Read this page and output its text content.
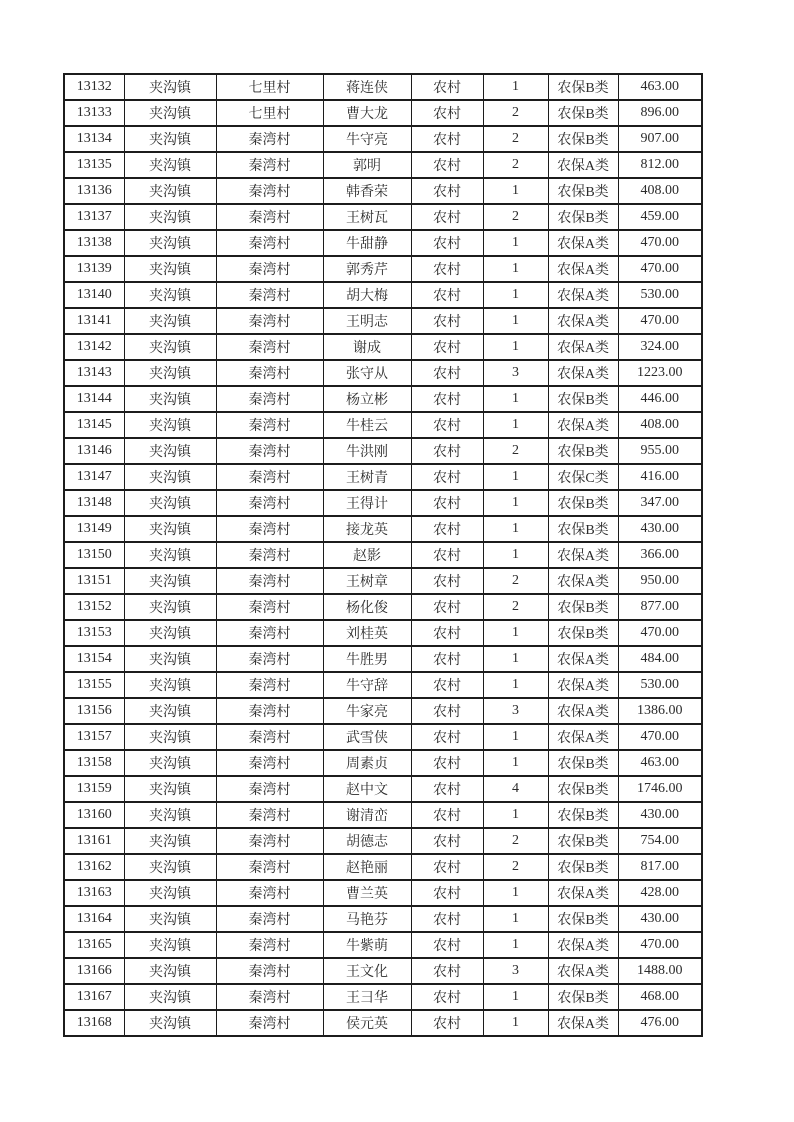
13132	夹沟镇	七里村	蒋连侠	农村	1	农保B类	463.00
13133	夹沟镇	七里村	曹大龙	农村	2	农保B类	896.00
13134	夹沟镇	秦湾村	牛守亮	农村	2	农保B类	907.00
13135	夹沟镇	秦湾村	郭明	农村	2	农保A类	812.00
13136	夹沟镇	秦湾村	韩香荣	农村	1	农保B类	408.00
13137	夹沟镇	秦湾村	王树瓦	农村	2	农保B类	459.00
13138	夹沟镇	秦湾村	牛甜静	农村	1	农保A类	470.00
13139	夹沟镇	秦湾村	郭秀芹	农村	1	农保A类	470.00
13140	夹沟镇	秦湾村	胡大梅	农村	1	农保A类	530.00
13141	夹沟镇	秦湾村	王明志	农村	1	农保A类	470.00
13142	夹沟镇	秦湾村	谢成	农村	1	农保A类	324.00
13143	夹沟镇	秦湾村	张守从	农村	3	农保A类	1223.00
13144	夹沟镇	秦湾村	杨立彬	农村	1	农保B类	446.00
13145	夹沟镇	秦湾村	牛桂云	农村	1	农保A类	408.00
13146	夹沟镇	秦湾村	牛洪刚	农村	2	农保B类	955.00
13147	夹沟镇	秦湾村	王树青	农村	1	农保C类	416.00
13148	夹沟镇	秦湾村	王得计	农村	1	农保B类	347.00
13149	夹沟镇	秦湾村	接龙英	农村	1	农保B类	430.00
13150	夹沟镇	秦湾村	赵影	农村	1	农保A类	366.00
13151	夹沟镇	秦湾村	王树章	农村	2	农保A类	950.00
13152	夹沟镇	秦湾村	杨化俊	农村	2	农保B类	877.00
13153	夹沟镇	秦湾村	刘桂英	农村	1	农保B类	470.00
13154	夹沟镇	秦湾村	牛胜男	农村	1	农保A类	484.00
13155	夹沟镇	秦湾村	牛守辞	农村	1	农保A类	530.00
13156	夹沟镇	秦湾村	牛家亮	农村	3	农保A类	1386.00
13157	夹沟镇	秦湾村	武雪侠	农村	1	农保A类	470.00
13158	夹沟镇	秦湾村	周素贞	农村	1	农保B类	463.00
13159	夹沟镇	秦湾村	赵中文	农村	4	农保B类	1746.00
13160	夹沟镇	秦湾村	谢清峦	农村	1	农保B类	430.00
13161	夹沟镇	秦湾村	胡德志	农村	2	农保B类	754.00
13162	夹沟镇	秦湾村	赵艳丽	农村	2	农保B类	817.00
13163	夹沟镇	秦湾村	曹兰英	农村	1	农保A类	428.00
13164	夹沟镇	秦湾村	马艳芬	农村	1	农保B类	430.00
13165	夹沟镇	秦湾村	牛紫萌	农村	1	农保A类	470.00
13166	夹沟镇	秦湾村	王文化	农村	3	农保A类	1488.00
13167	夹沟镇	秦湾村	王彐华	农村	1	农保B类	468.00
13168	夹沟镇	秦湾村	侯元英	农村	1	农保A类	476.00
